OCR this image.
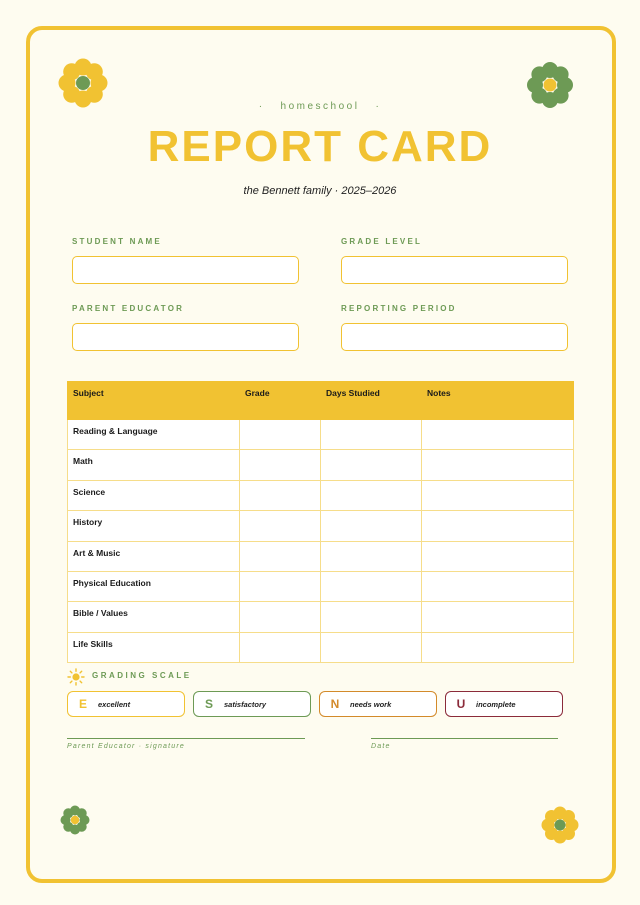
· homeschool ·
REPORT CARD
the Bennett family · 2025–2026
STUDENT NAME	GRADE LEVEL
PARENT EDUCATOR	REPORTING PERIOD
Subject	Grade	Days Studied	Notes
Reading & Language			
Math			
Science			
History			
Art & Music			
Physical Education			
Bible / Values			
Life Skills			
GRADING SCALE
E	excellent	S	satisfactory	N	needs work	U	incomplete
Parent Educator · signature	Date
